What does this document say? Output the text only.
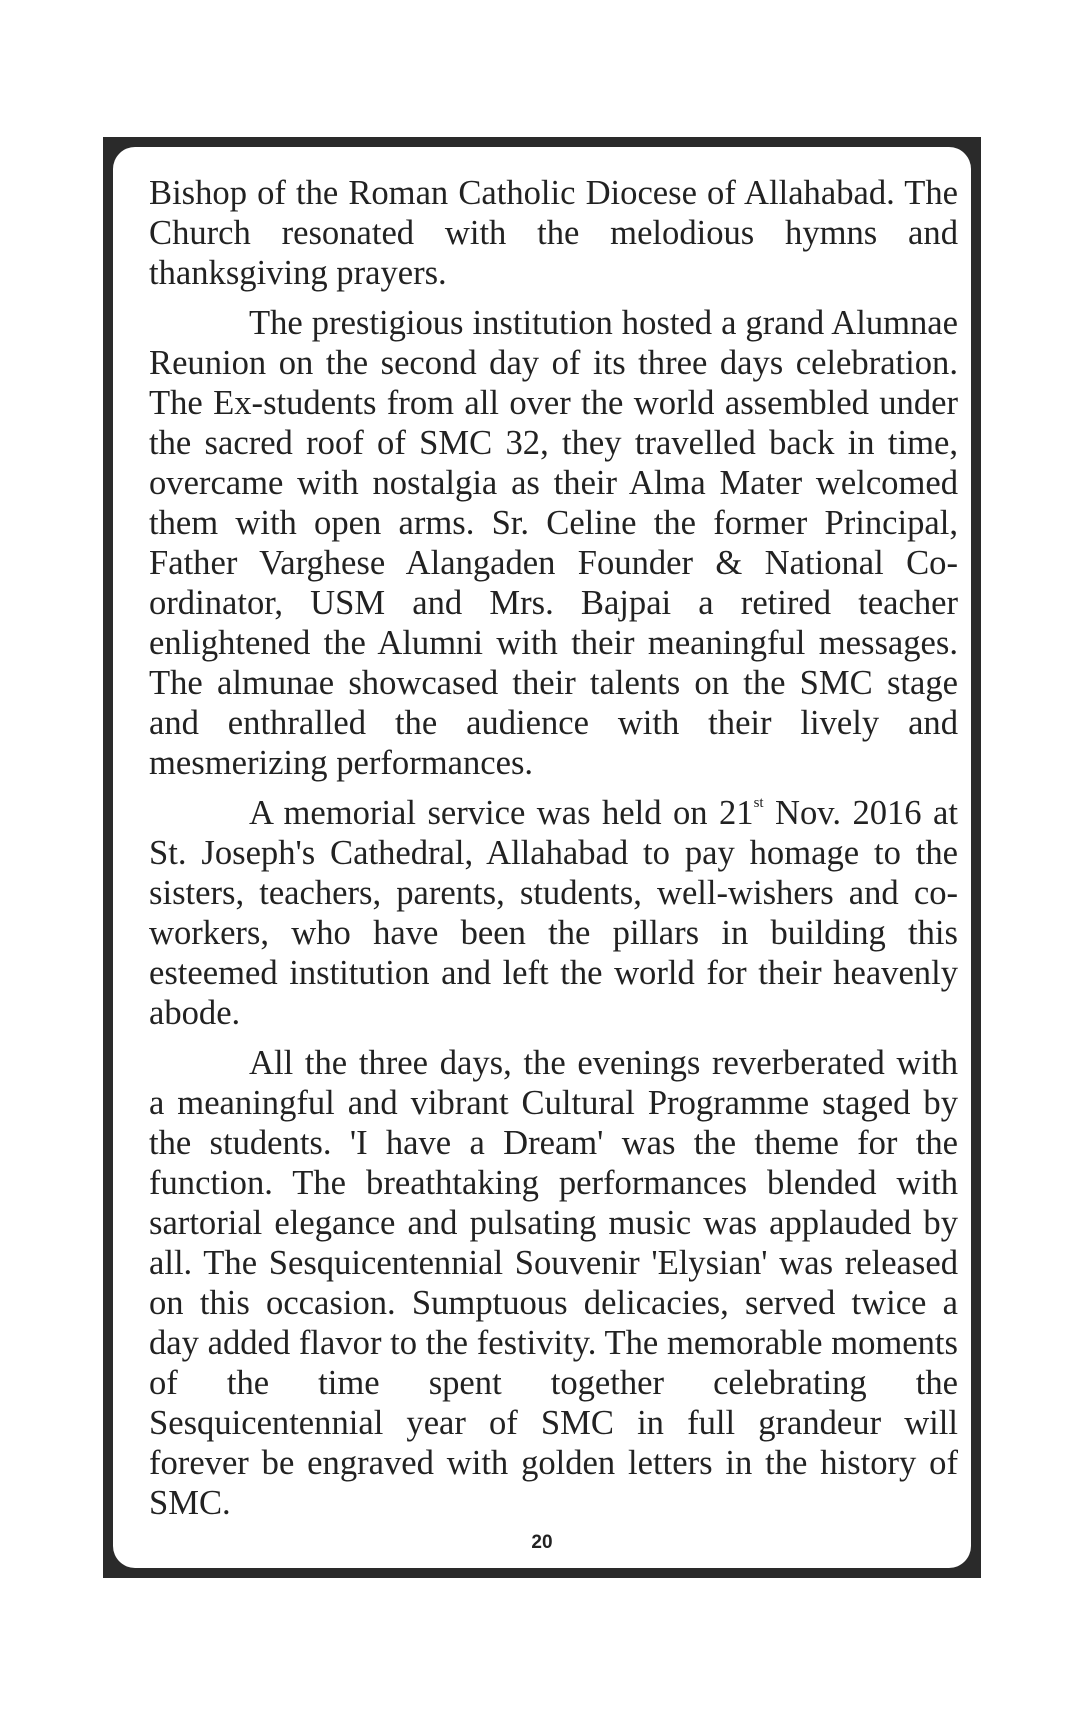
Bishop of the Roman Catholic Diocese of Allahabad. The Church resonated with the melodious hymns and thanksgiving prayers.

The prestigious institution hosted a grand Alumnae Reunion on the second day of its three days celebration. The Ex-students from all over the world assembled under the sacred roof of SMC 32, they travelled back in time, overcame with nostalgia as their Alma Mater welcomed them with open arms. Sr. Celine the former Principal, Father Varghese Alangaden Founder & National Co-ordinator, USM and Mrs. Bajpai a retired teacher enlightened the Alumni with their meaningful messages. The almunae showcased their talents on the SMC stage and enthralled the audience with their lively and mesmerizing performances.

A memorial service was held on 21st Nov. 2016 at St. Joseph's Cathedral, Allahabad to pay homage to the sisters, teachers, parents, students, well-wishers and co-workers, who have been the pillars in building this esteemed institution and left the world for their heavenly abode.

All the three days, the evenings reverberated with a meaningful and vibrant Cultural Programme staged by the students. 'I have a Dream' was the theme for the function. The breathtaking performances blended with sartorial elegance and pulsating music was applauded by all. The Sesquicentennial Souvenir 'Elysian' was released on this occasion. Sumptuous delicacies, served twice a day added flavor to the festivity. The memorable moments of the time spent together celebrating the Sesquicentennial year of SMC in full grandeur will forever be engraved with golden letters in the history of SMC.

20
